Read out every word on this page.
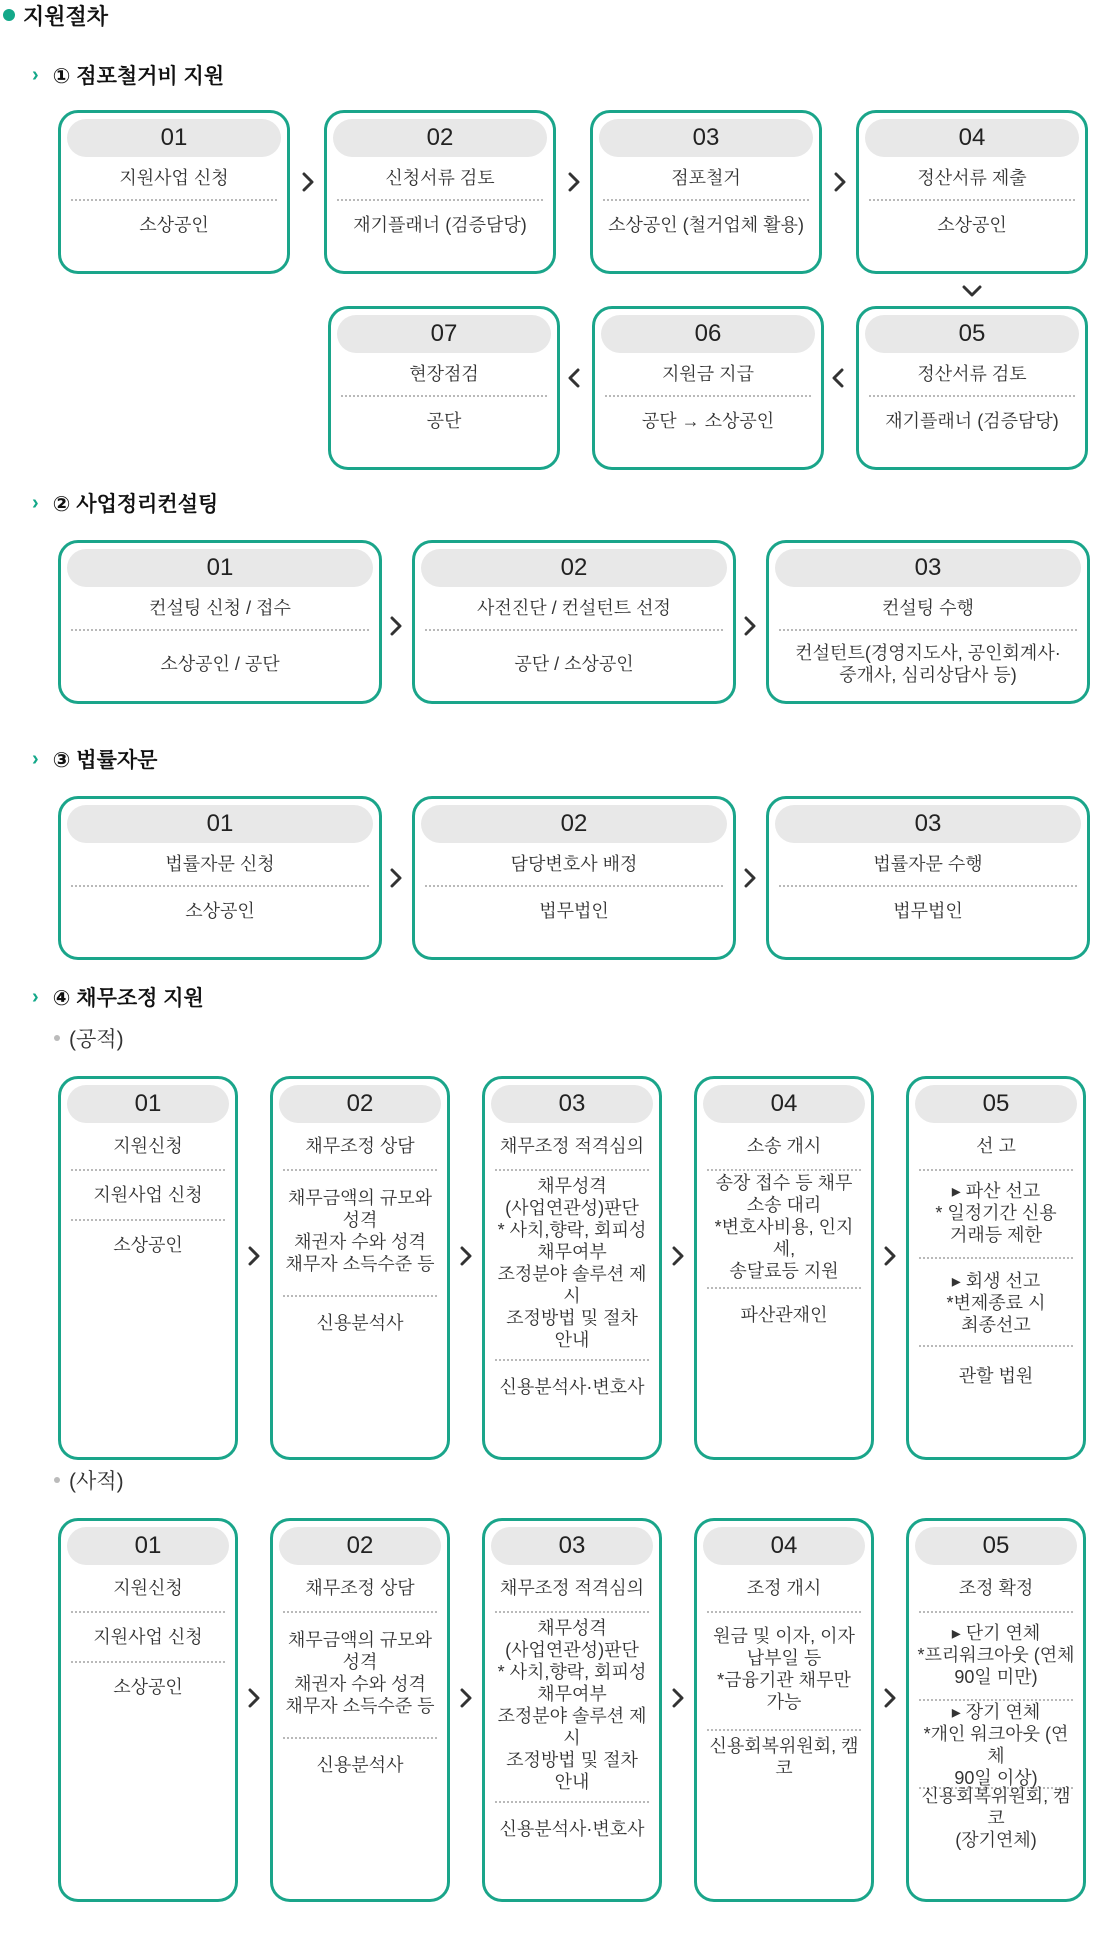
지원절차
› ① 점포철거비 지원
› ② 사업정리컨설팅
› ③ 법률자문
› ④ 채무조정 지원
(공적)
(사적)
01
지원사업 신청
소상공인
02
신청서류 검토
재기플래너 (검증담당)
03
점포철거
소상공인 (철거업체 활용)
04
정산서류 제출
소상공인
05
정산서류 검토
재기플래너 (검증담당)
06
지원금 지급
공단 → 소상공인
07
현장점검
공단
01
컨설팅 신청 / 접수
소상공인 / 공단
02
사전진단 / 컨설턴트 선정
공단 / 소상공인
03
컨설팅 수행
컨설턴트(경영지도사, 공인회계사·
중개사, 심리상담사 등)
01
법률자문 신청
소상공인
02
담당변호사 배정
법무법인
03
법률자문 수행
법무법인
01
지원신청
지원사업 신청
소상공인
02
채무조정 상담
채무금액의 규모와
성격
채권자 수와 성격
채무자 소득수준 등
신용분석사
03
채무조정 적격심의
채무성격
(사업연관성)판단
* 사치,향락, 회피성
채무여부
조정분야 솔루션 제시
조정방법 및 절차
안내
신용분석사·변호사
04
소송 개시
송장 접수 등 채무
소송 대리
*변호사비용, 인지세,
송달료등 지원
파산관재인
05
선 고
▸ 파산 선고
* 일정기간 신용
거래등 제한
▸ 회생 선고
*변제종료 시
최종선고
관할 법원
01
지원신청
지원사업 신청
소상공인
02
채무조정 상담
채무금액의 규모와
성격
채권자 수와 성격
채무자 소득수준 등
신용분석사
03
채무조정 적격심의
채무성격
(사업연관성)판단
* 사치,향락, 회피성
채무여부
조정분야 솔루션 제시
조정방법 및 절차
안내
신용분석사·변호사
04
조정 개시
원금 및 이자, 이자
납부일 등
*금융기관 채무만
가능
신용회복위원회, 캠코
05
조정 확정
▸ 단기 연체
*프리워크아웃 (연체
90일 미만)
▸ 장기 연체
*개인 워크아웃 (연체
90일 이상)
신용회복위원회, 캠코
(장기연체)
